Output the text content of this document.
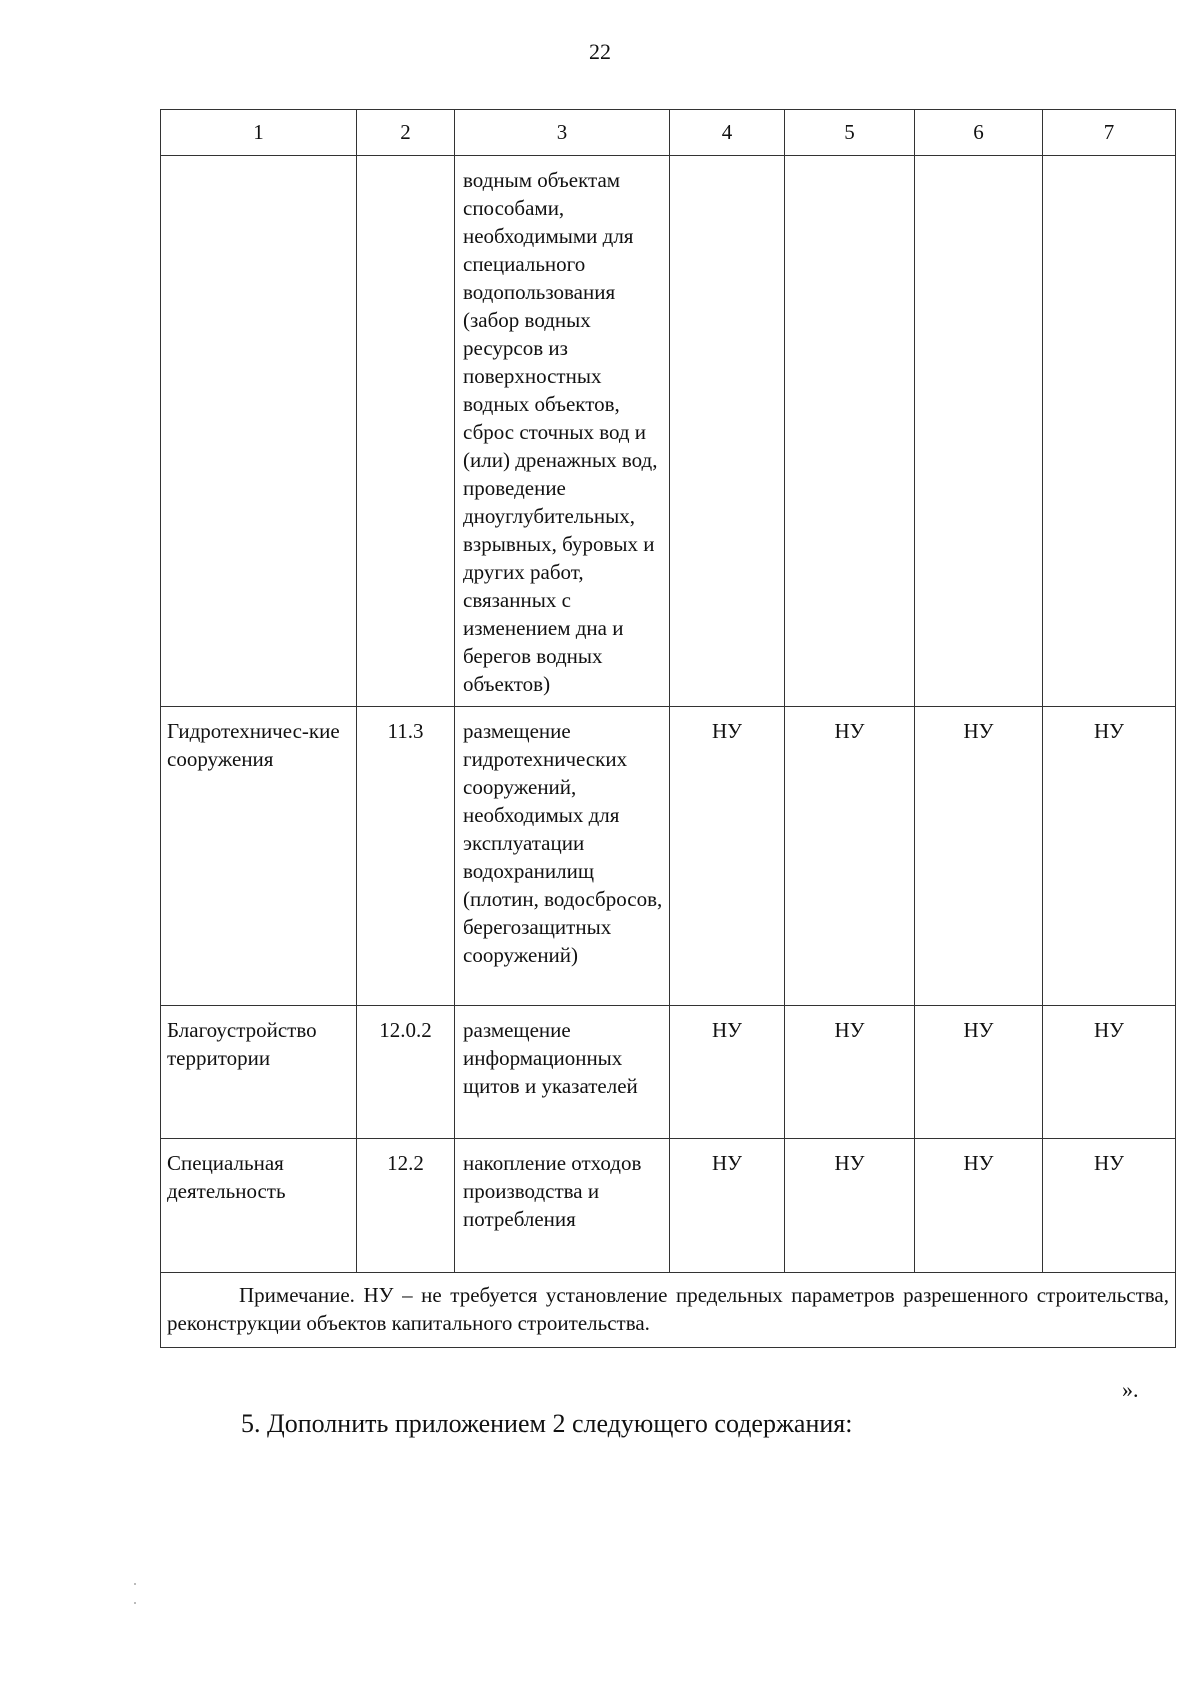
22
1	2	3	4	5	6	7
		водным объектам способами, необходимыми для специального водопользования (забор водных ресурсов из поверхностных водных объектов, сброс сточных вод и (или) дренажных вод, проведение дноуглубительных, взрывных, буровых и других работ, связанных с изменением дна и берегов водных объектов)				
Гидротехничес-кие сооружения	11.3	размещение гидротехнических сооружений, необходимых для эксплуатации водохранилищ (плотин, водосбросов, берегозащитных сооружений)	НУ	НУ	НУ	НУ
Благоустройство территории	12.0.2	размещение информационных щитов и указателей	НУ	НУ	НУ	НУ
Специальная деятельность	12.2	накопление отходов производства и потребления	НУ	НУ	НУ	НУ

Примечание. НУ – не требуется установление предельных параметров разрешенного строительства, реконструкции объектов капитального строительства.						
».
5. Дополнить приложением 2 следующего содержания:
